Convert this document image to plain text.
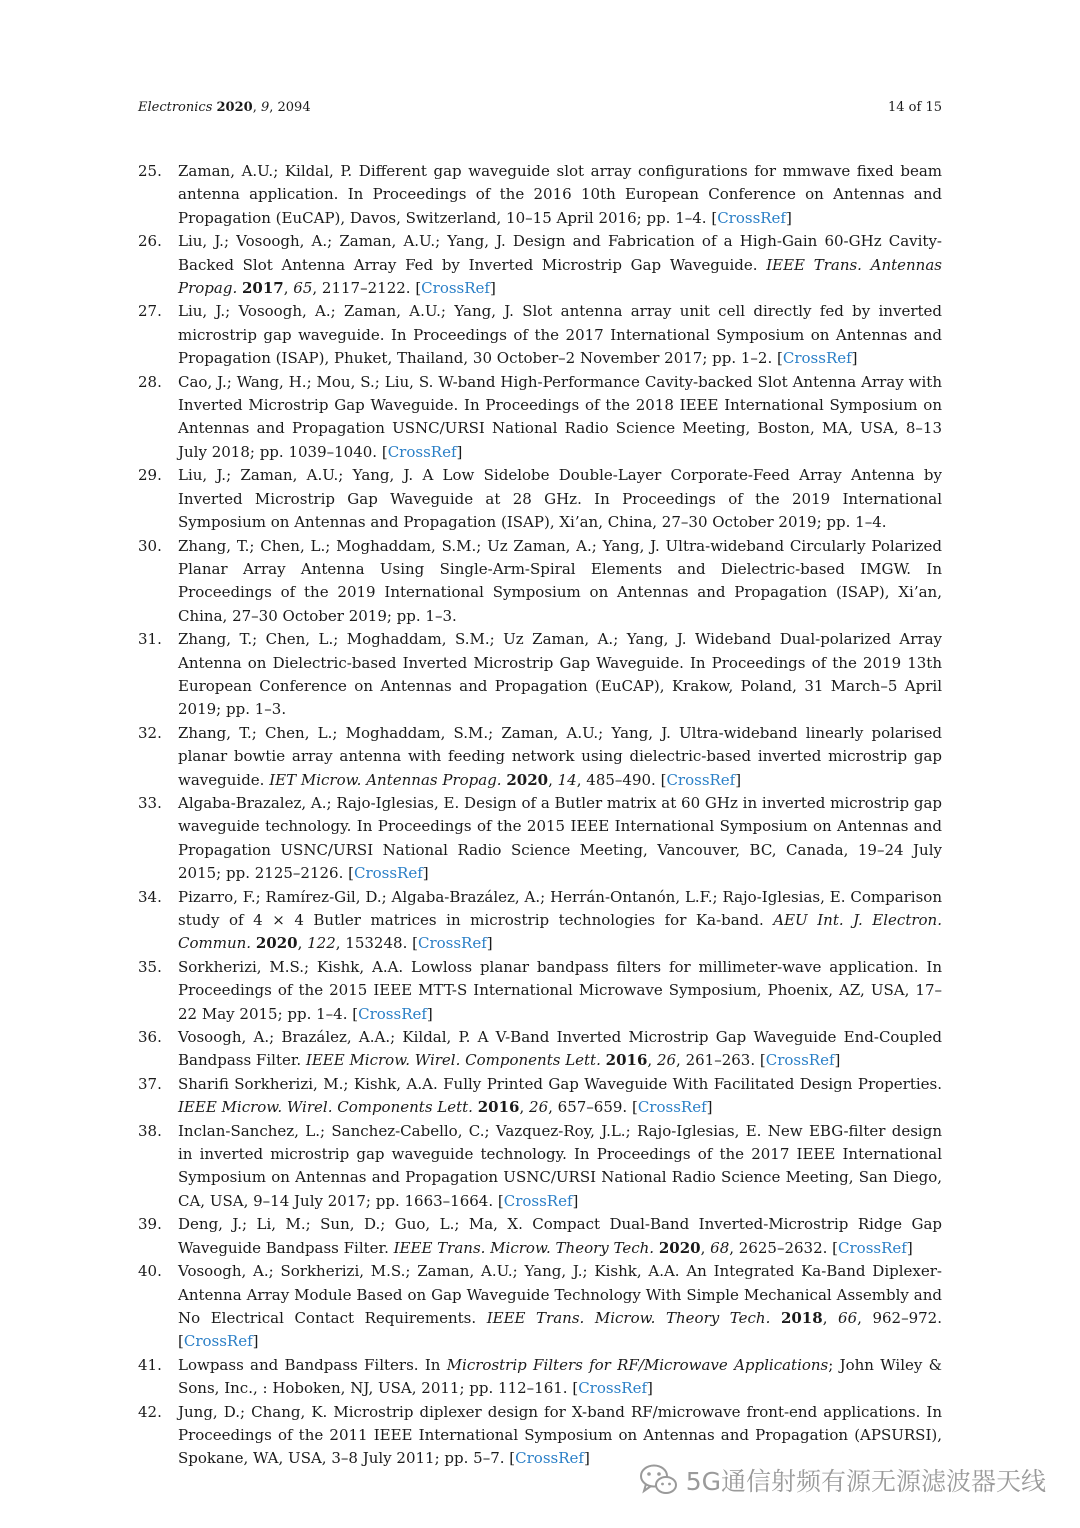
Electronics 2020, 9, 2094	14 of 15
25.	Zaman, A.U.; Kildal, P. Different gap waveguide slot array configurations for mmwave fixed beam antenna application. In Proceedings of the 2016 10th European Conference on Antennas and Propagation (EuCAP), Davos, Switzerland, 10–15 April 2016; pp. 1–4. [CrossRef]
26.	Liu, J.; Vosoogh, A.; Zaman, A.U.; Yang, J. Design and Fabrication of a High-Gain 60-GHz Cavity-Backed Slot Antenna Array Fed by Inverted Microstrip Gap Waveguide. IEEE Trans. Antennas Propag. 2017, 65, 2117–2122. [CrossRef]
27.	Liu, J.; Vosoogh, A.; Zaman, A.U.; Yang, J. Slot antenna array unit cell directly fed by inverted microstrip gap waveguide. In Proceedings of the 2017 International Symposium on Antennas and Propagation (ISAP), Phuket, Thailand, 30 October–2 November 2017; pp. 1–2. [CrossRef]
28.	Cao, J.; Wang, H.; Mou, S.; Liu, S. W-band High-Performance Cavity-backed Slot Antenna Array with Inverted Microstrip Gap Waveguide. In Proceedings of the 2018 IEEE International Symposium on Antennas and Propagation USNC/URSI National Radio Science Meeting, Boston, MA, USA, 8–13 July 2018; pp. 1039–1040. [CrossRef]
29.	Liu, J.; Zaman, A.U.; Yang, J. A Low Sidelobe Double-Layer Corporate-Feed Array Antenna by Inverted Microstrip Gap Waveguide at 28 GHz. In Proceedings of the 2019 International Symposium on Antennas and Propagation (ISAP), Xi’an, China, 27–30 October 2019; pp. 1–4.
30.	Zhang, T.; Chen, L.; Moghaddam, S.M.; Uz Zaman, A.; Yang, J. Ultra-wideband Circularly Polarized Planar Array Antenna Using Single-Arm-Spiral Elements and Dielectric-based IMGW. In Proceedings of the 2019 International Symposium on Antennas and Propagation (ISAP), Xi’an, China, 27–30 October 2019; pp. 1–3.
31.	Zhang, T.; Chen, L.; Moghaddam, S.M.; Uz Zaman, A.; Yang, J. Wideband Dual-polarized Array Antenna on Dielectric-based Inverted Microstrip Gap Waveguide. In Proceedings of the 2019 13th European Conference on Antennas and Propagation (EuCAP), Krakow, Poland, 31 March–5 April 2019; pp. 1–3.
32.	Zhang, T.; Chen, L.; Moghaddam, S.M.; Zaman, A.U.; Yang, J. Ultra-wideband linearly polarised planar bowtie array antenna with feeding network using dielectric-based inverted microstrip gap waveguide. IET Microw. Antennas Propag. 2020, 14, 485–490. [CrossRef]
33.	Algaba-Brazalez, A.; Rajo-Iglesias, E. Design of a Butler matrix at 60 GHz in inverted microstrip gap waveguide technology. In Proceedings of the 2015 IEEE International Symposium on Antennas and Propagation USNC/URSI National Radio Science Meeting, Vancouver, BC, Canada, 19–24 July 2015; pp. 2125–2126. [CrossRef]
34.	Pizarro, F.; Ramírez-Gil, D.; Algaba-Brazález, A.; Herrán-Ontanón, L.F.; Rajo-Iglesias, E. Comparison study of 4 × 4 Butler matrices in microstrip technologies for Ka-band. AEU Int. J. Electron. Commun. 2020, 122, 153248. [CrossRef]
35.	Sorkherizi, M.S.; Kishk, A.A. Lowloss planar bandpass filters for millimeter-wave application. In Proceedings of the 2015 IEEE MTT-S International Microwave Symposium, Phoenix, AZ, USA, 17–22 May 2015; pp. 1–4. [CrossRef]
36.	Vosoogh, A.; Brazález, A.A.; Kildal, P. A V-Band Inverted Microstrip Gap Waveguide End-Coupled Bandpass Filter. IEEE Microw. Wirel. Components Lett. 2016, 26, 261–263. [CrossRef]
37.	Sharifi Sorkherizi, M.; Kishk, A.A. Fully Printed Gap Waveguide With Facilitated Design Properties. IEEE Microw. Wirel. Components Lett. 2016, 26, 657–659. [CrossRef]
38.	Inclan-Sanchez, L.; Sanchez-Cabello, C.; Vazquez-Roy, J.L.; Rajo-Iglesias, E. New EBG-filter design in inverted microstrip gap waveguide technology. In Proceedings of the 2017 IEEE International Symposium on Antennas and Propagation USNC/URSI National Radio Science Meeting, San Diego, CA, USA, 9–14 July 2017; pp. 1663–1664. [CrossRef]
39.	Deng, J.; Li, M.; Sun, D.; Guo, L.; Ma, X. Compact Dual-Band Inverted-Microstrip Ridge Gap Waveguide Bandpass Filter. IEEE Trans. Microw. Theory Tech. 2020, 68, 2625–2632. [CrossRef]
40.	Vosoogh, A.; Sorkherizi, M.S.; Zaman, A.U.; Yang, J.; Kishk, A.A. An Integrated Ka-Band Diplexer-Antenna Array Module Based on Gap Waveguide Technology With Simple Mechanical Assembly and No Electrical Contact Requirements. IEEE Trans. Microw. Theory Tech. 2018, 66, 962–972. [CrossRef]
41.	Lowpass and Bandpass Filters. In Microstrip Filters for RF/Microwave Applications; John Wiley & Sons, Inc., : Hoboken, NJ, USA, 2011; pp. 112–161. [CrossRef]
42.	Jung, D.; Chang, K. Microstrip diplexer design for X-band RF/microwave front-end applications. In Proceedings of the 2011 IEEE International Symposium on Antennas and Propagation (APSURSI), Spokane, WA, USA, 3–8 July 2011; pp. 5–7. [CrossRef]
5G通信射频有源无源滤波器天线
